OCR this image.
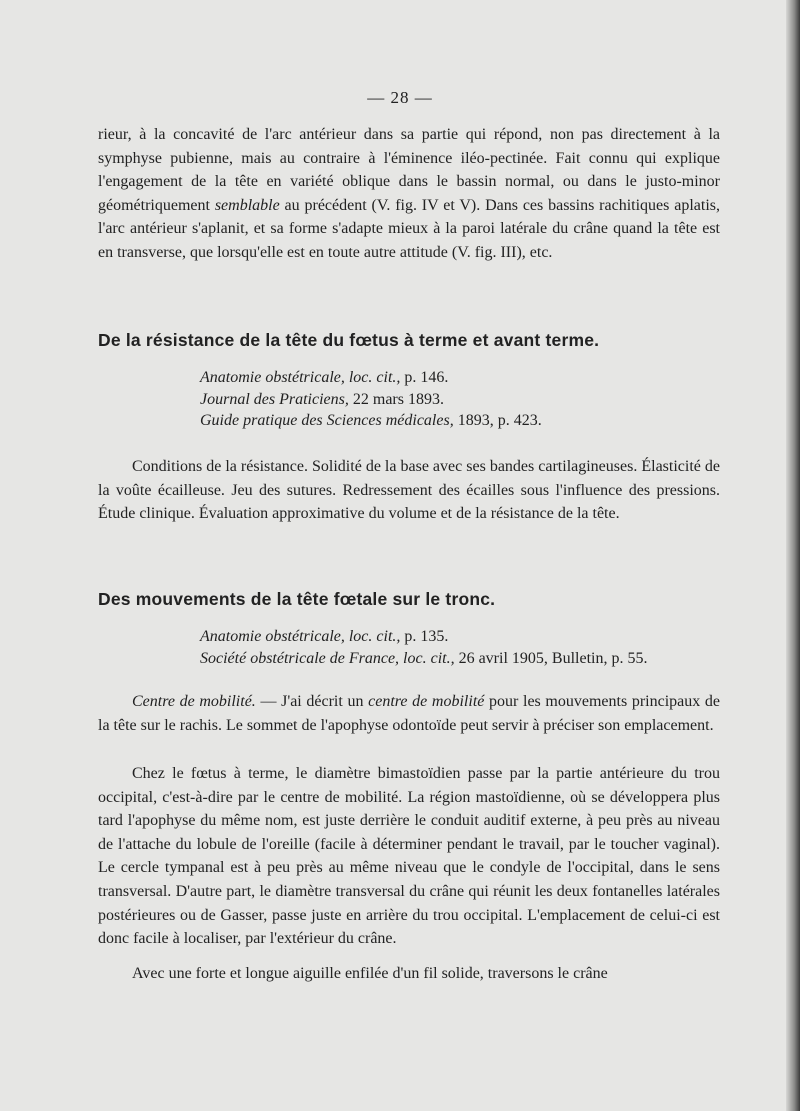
— 28 —

rieur, à la concavité de l'arc antérieur dans sa partie qui répond, non pas directement à la symphyse pubienne, mais au contraire à l'éminence iléo-pectinée. Fait connu qui explique l'engagement de la tête en variété oblique dans le bassin normal, ou dans le justo-minor géométriquement semblable au précédent (V. fig. IV et V). Dans ces bassins rachitiques aplatis, l'arc antérieur s'aplanit, et sa forme s'adapte mieux à la paroi latérale du crâne quand la tête est en transverse, que lorsqu'elle est en toute autre attitude (V. fig. III), etc.

De la résistance de la tête du fœtus à terme et avant terme.
Anatomie obstétricale, loc. cit., p. 146.
Journal des Praticiens, 22 mars 1893.
Guide pratique des Sciences médicales, 1893, p. 423.

Conditions de la résistance. Solidité de la base avec ses bandes cartilagineuses. Élasticité de la voûte écailleuse. Jeu des sutures. Redressement des écailles sous l'influence des pressions. Étude clinique. Évaluation approximative du volume et de la résistance de la tête.

Des mouvements de la tête fœtale sur le tronc.
Anatomie obstétricale, loc. cit., p. 135.
Société obstétricale de France, loc. cit., 26 avril 1905, Bulletin, p. 55.

Centre de mobilité. — J'ai décrit un centre de mobilité pour les mouvements principaux de la tête sur le rachis. Le sommet de l'apophyse odontoïde peut servir à préciser son emplacement.

Chez le fœtus à terme, le diamètre bimastoïdien passe par la partie antérieure du trou occipital, c'est-à-dire par le centre de mobilité. La région mastoïdienne, où se développera plus tard l'apophyse du même nom, est juste derrière le conduit auditif externe, à peu près au niveau de l'attache du lobule de l'oreille (facile à déterminer pendant le travail, par le toucher vaginal). Le cercle tympanal est à peu près au même niveau que le condyle de l'occipital, dans le sens transversal. D'autre part, le diamètre transversal du crâne qui réunit les deux fontanelles latérales postérieures ou de Gasser, passe juste en arrière du trou occipital. L'emplacement de celui-ci est donc facile à localiser, par l'extérieur du crâne.

Avec une forte et longue aiguille enfilée d'un fil solide, traversons le crâne
